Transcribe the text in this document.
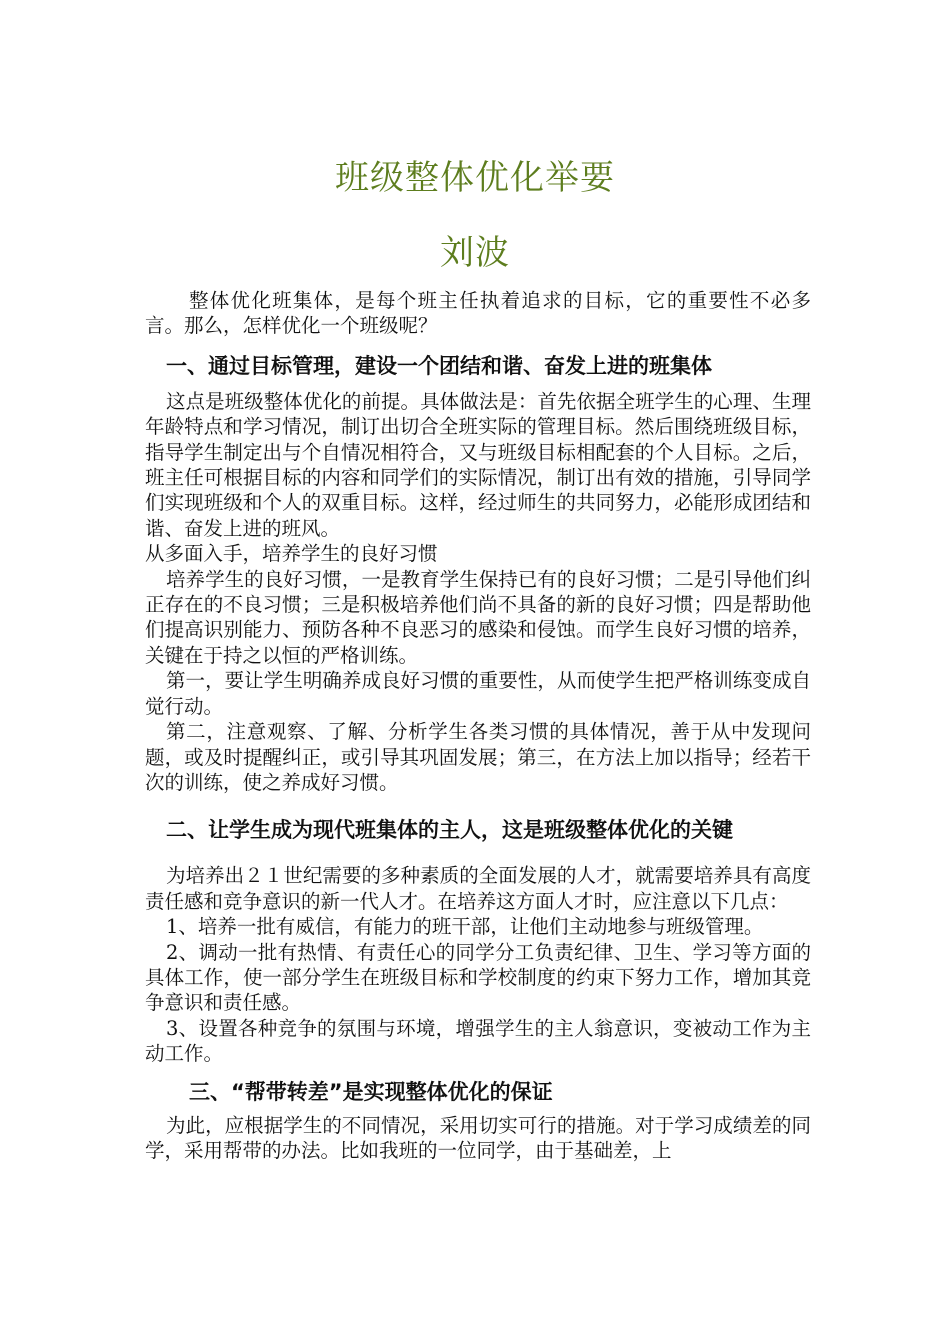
班级整体优化举要
刘波

整体优化班集体，是每个班主任执着追求的目标，它的重要性不必多言。那么，怎样优化一个班级呢？

一、通过目标管理，建设一个团结和谐、奋发上进的班集体

这点是班级整体优化的前提。具体做法是：首先依据全班学生的心理、生理年龄特点和学习情况，制订出切合全班实际的管理目标。然后围绕班级目标，指导学生制定出与个自情况相符合，又与班级目标相配套的个人目标。之后，班主任可根据目标的内容和同学们的实际情况，制订出有效的措施，引导同学们实现班级和个人的双重目标。这样，经过师生的共同努力，必能形成团结和谐、奋发上进的班风。

从多面入手，培养学生的良好习惯

培养学生的良好习惯，一是教育学生保持已有的良好习惯；二是引导他们纠正存在的不良习惯；三是积极培养他们尚不具备的新的良好习惯；四是帮助他们提高识别能力、预防各种不良恶习的感染和侵蚀。而学生良好习惯的培养，关键在于持之以恒的严格训练。

第一，要让学生明确养成良好习惯的重要性，从而使学生把严格训练变成自觉行动。

第二，注意观察、了解、分析学生各类习惯的具体情况，善于从中发现问题，或及时提醒纠正，或引导其巩固发展；第三，在方法上加以指导；经若干次的训练，使之养成好习惯。

二、让学生成为现代班集体的主人，这是班级整体优化的关键

为培养出２１世纪需要的多种素质的全面发展的人才，就需要培养具有高度责任感和竞争意识的新一代人才。在培养这方面人才时，应注意以下几点：

1、培养一批有威信，有能力的班干部，让他们主动地参与班级管理。

2、调动一批有热情、有责任心的同学分工负责纪律、卫生、学习等方面的具体工作，使一部分学生在班级目标和学校制度的约束下努力工作，增加其竞争意识和责任感。

3、设置各种竞争的氛围与环境，增强学生的主人翁意识，变被动工作为主动工作。

三、“帮带转差”是实现整体优化的保证

为此，应根据学生的不同情况，采用切实可行的措施。对于学习成绩差的同学，采用帮带的办法。比如我班的一位同学，由于基础差，上
